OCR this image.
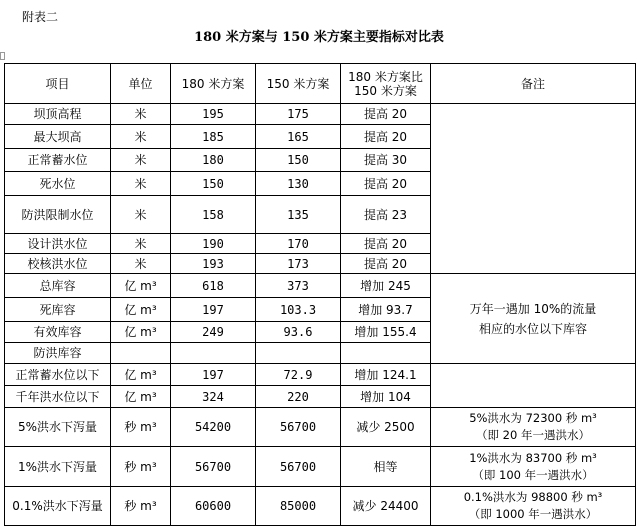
附表二
180 米方案与 150 米方案主要指标对比表
项目	单位	180 米方案	150 米方案	180 米方案比
150 米方案	备注
坝顶高程	米	195	175	提高 20	
最大坝高	米	185	165	提高 20	
正常蓄水位	米	180	150	提高 30	
死水位	米	150	130	提高 20	
防洪限制水位	米	158	135	提高 23	
设计洪水位	米	190	170	提高 20	
校核洪水位	米	193	173	提高 20	
总库容	亿 m³	618	373	增加 245	万年一遇加 10%的流量
相应的水位以下库容

死库容	亿 m³	197	103.3	增加 93.7	
有效库容	亿 m³	249	93.6	增加 155.4	
防洪库容					
正常蓄水位以下	亿 m³	197	72.9	增加 124.1	
千年洪水位以下	亿 m³	324	220	增加 104	
5%洪水下泻量	秒 m³	54200	56700	减少 2500	5%洪水为 72300 秒 m³
（即 20 年一遇洪水）

1%洪水下泻量	秒 m³	56700	56700	相等	1%洪水为 83700 秒 m³
（即 100 年一遇洪水）

0.1%洪水下泻量	秒 m³	60600	85000	减少 24400	0.1%洪水为 98800 秒 m³
（即 1000 年一遇洪水）
